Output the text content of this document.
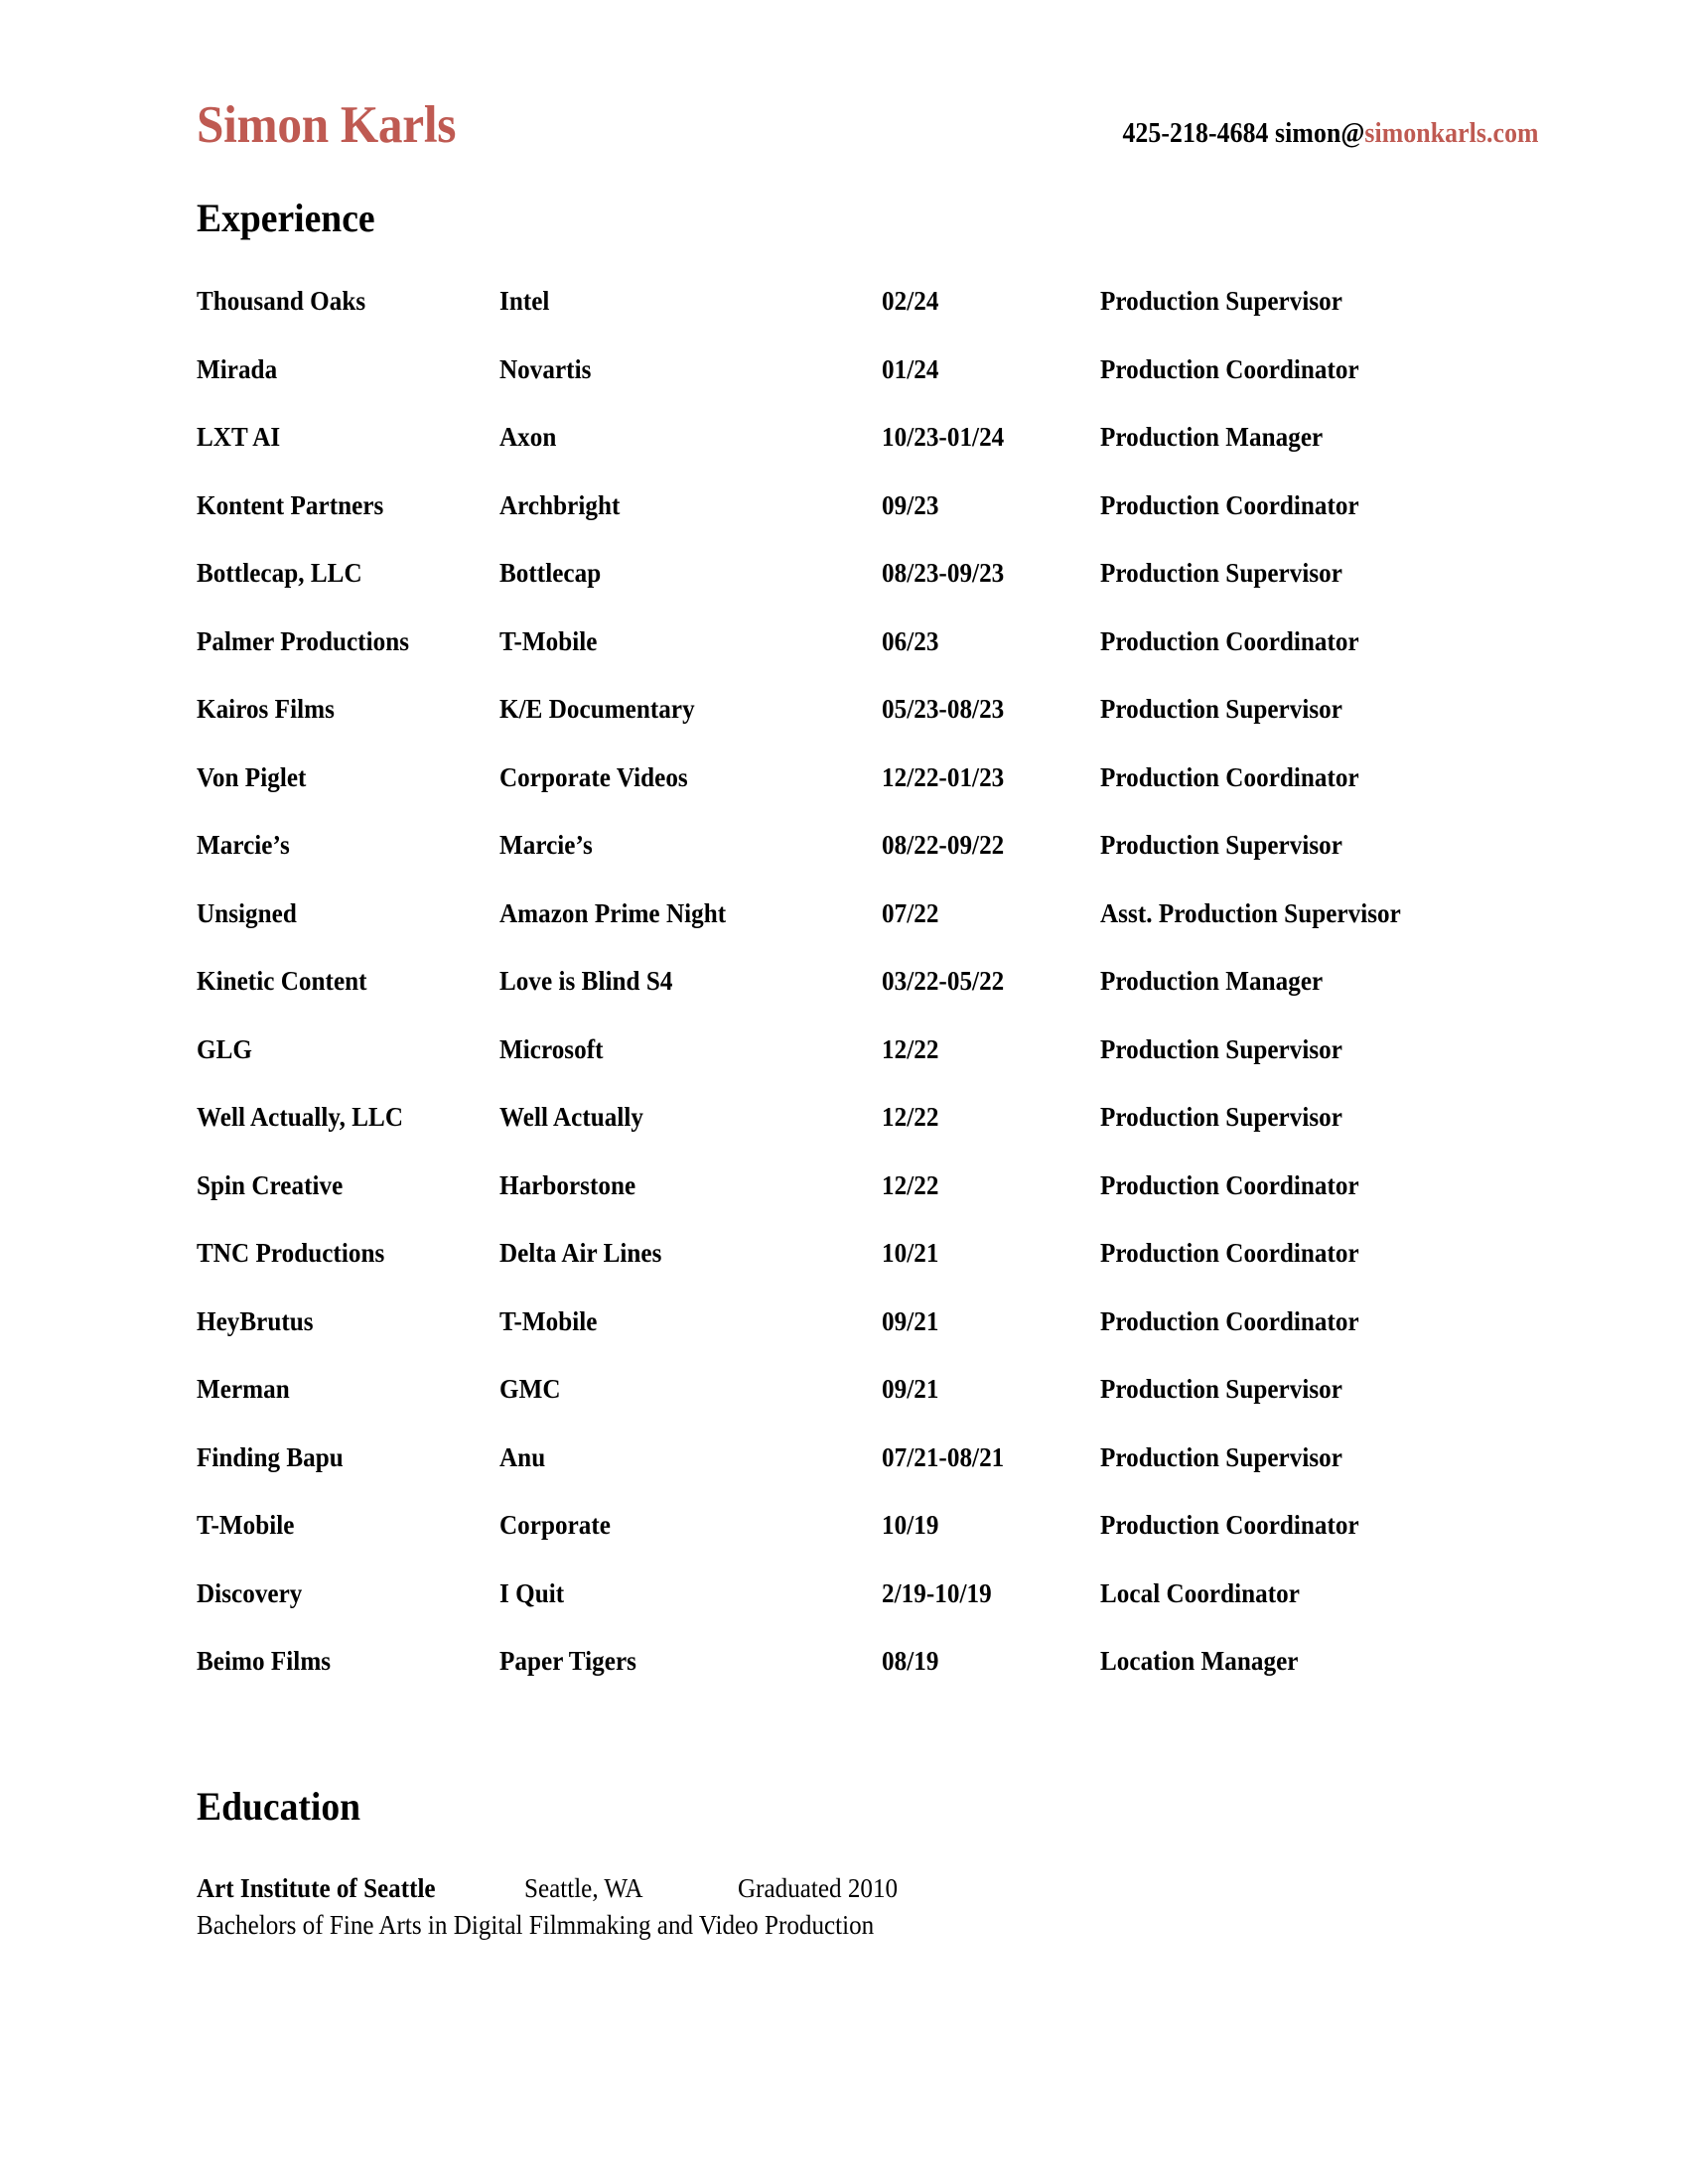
Simon Karls	425-218-4684 simon@simonkarls.com
Experience
Thousand Oaks	Intel	02/24	Production Supervisor
Mirada	Novartis	01/24	Production Coordinator
LXT AI	Axon	10/23-01/24	Production Manager
Kontent Partners	Archbright	09/23	Production Coordinator
Bottlecap, LLC	Bottlecap	08/23-09/23	Production Supervisor
Palmer Productions	T-Mobile	06/23	Production Coordinator
Kairos Films	K/E Documentary	05/23-08/23	Production Supervisor
Von Piglet	Corporate Videos	12/22-01/23	Production Coordinator
Marcie’s	Marcie’s	08/22-09/22	Production Supervisor
Unsigned	Amazon Prime Night	07/22	Asst. Production Supervisor
Kinetic Content	Love is Blind S4	03/22-05/22	Production Manager
GLG	Microsoft	12/22	Production Supervisor
Well Actually, LLC	Well Actually	12/22	Production Supervisor
Spin Creative	Harborstone	12/22	Production Coordinator
TNC Productions	Delta Air Lines	10/21	Production Coordinator
HeyBrutus	T-Mobile	09/21	Production Coordinator
Merman	GMC	09/21	Production Supervisor
Finding Bapu	Anu	07/21-08/21	Production Supervisor
T-Mobile	Corporate	10/19	Production Coordinator
Discovery	I Quit	2/19-10/19	Local Coordinator
Beimo Films	Paper Tigers	08/19	Location Manager
Education
Art Institute of Seattle	Seattle, WA	Graduated 2010
Bachelors of Fine Arts in Digital Filmmaking and Video Production
